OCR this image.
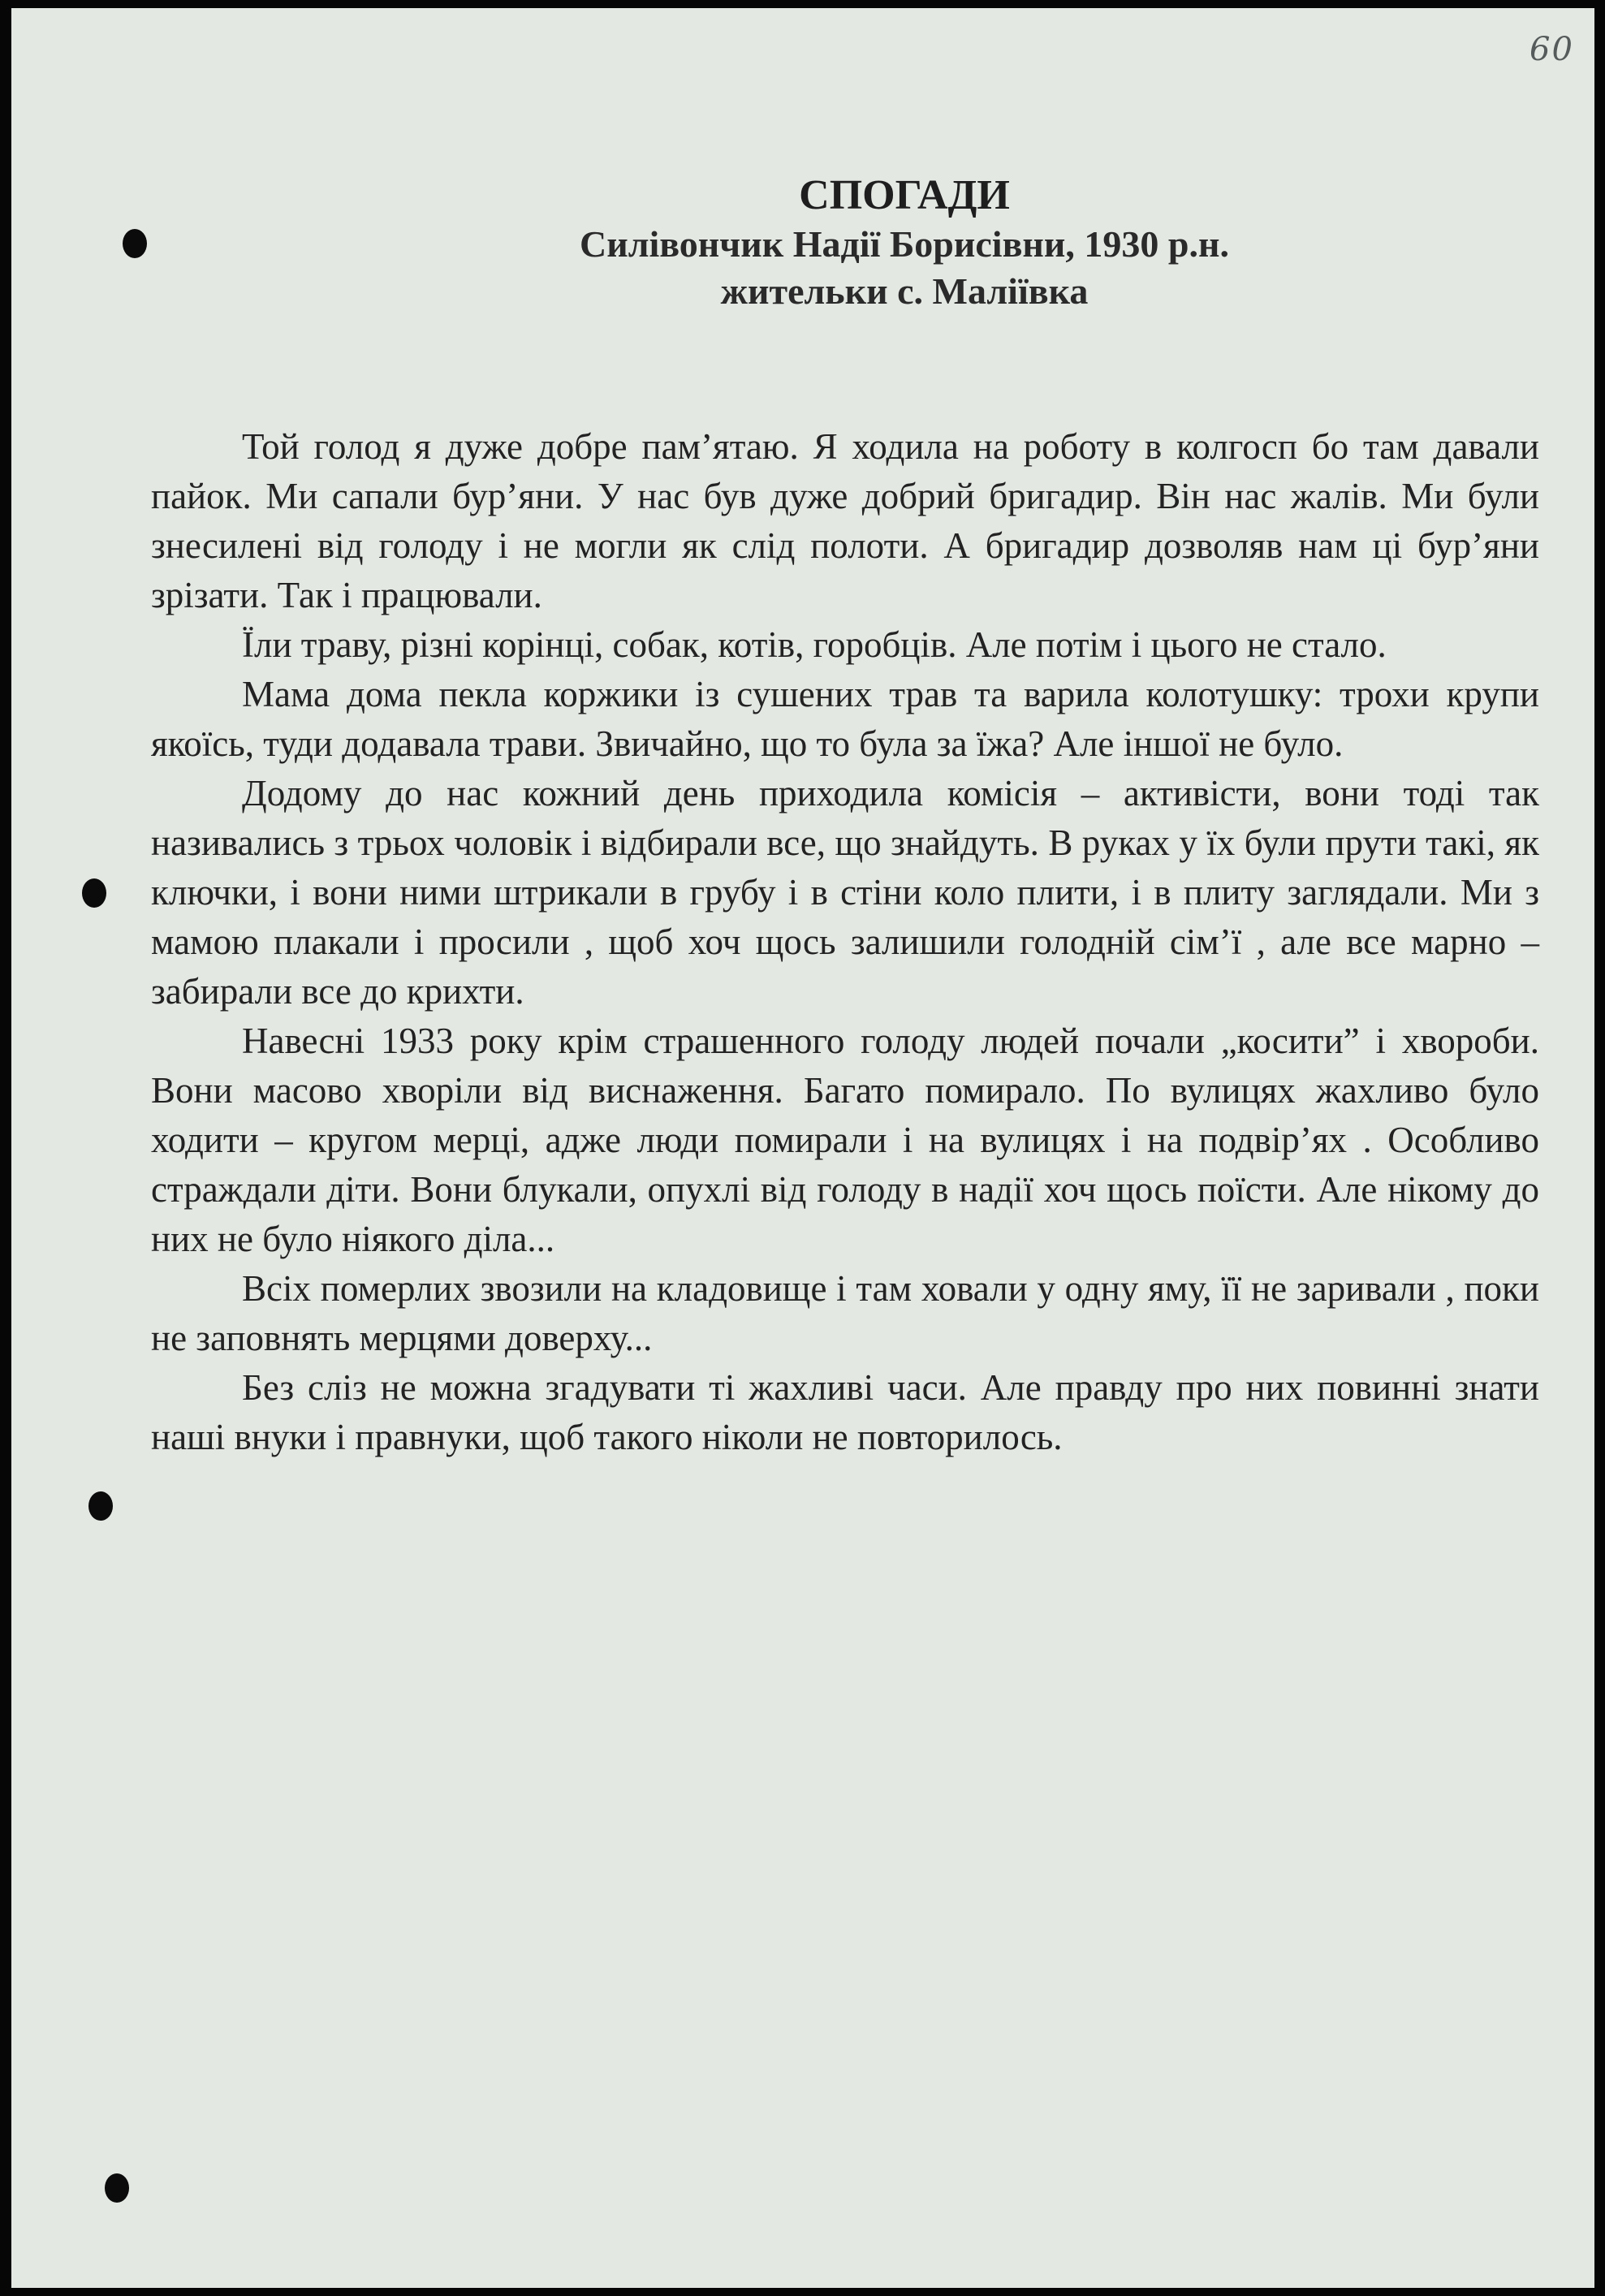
60
СПОГАДИ
Силівончик Надії Борисівни, 1930 р.н.
жительки с. Маліївка

Той голод я дуже добре пам’ятаю. Я ходила на роботу в колгосп бо там давали пайок. Ми сапали бур’яни. У нас був дуже добрий бригадир. Він нас жалів. Ми були знесилені від голоду і не могли як слід полоти. А бригадир дозволяв нам ці бур’яни зрізати. Так і працювали.

Їли траву, різні корінці, собак, котів, горобців. Але потім і цього не стало.

Мама дома пекла коржики із сушених трав та варила колотушку: трохи крупи якоїсь, туди додавала трави. Звичайно, що то була за їжа? Але іншої не було.

Додому до нас кожний день приходила комісія – активісти, вони тоді так називались з трьох чоловік і відбирали все, що знайдуть. В руках у їх були прути такі, як ключки, і вони ними штрикали в грубу і в стіни коло плити, і в плиту заглядали. Ми з мамою плакали і просили , щоб хоч щось залишили голодній сім’ї , але все марно – забирали все до крихти.

Навесні 1933 року крім страшенного голоду людей почали „косити” і хвороби. Вони масово хворіли від виснаження. Багато помирало. По вулицях жахливо було ходити – кругом мерці, адже люди помирали і на вулицях і на подвір’ях . Особливо страждали діти. Вони блукали, опухлі від голоду в надії хоч щось поїсти. Але нікому до них не було ніякого діла...

Всіх померлих звозили на кладовище і там ховали у одну яму, її не заривали , поки не заповнять мерцями доверху...

Без сліз не можна згадувати ті жахливі часи. Але правду про них повинні знати наші внуки і правнуки, щоб такого ніколи не повторилось.
